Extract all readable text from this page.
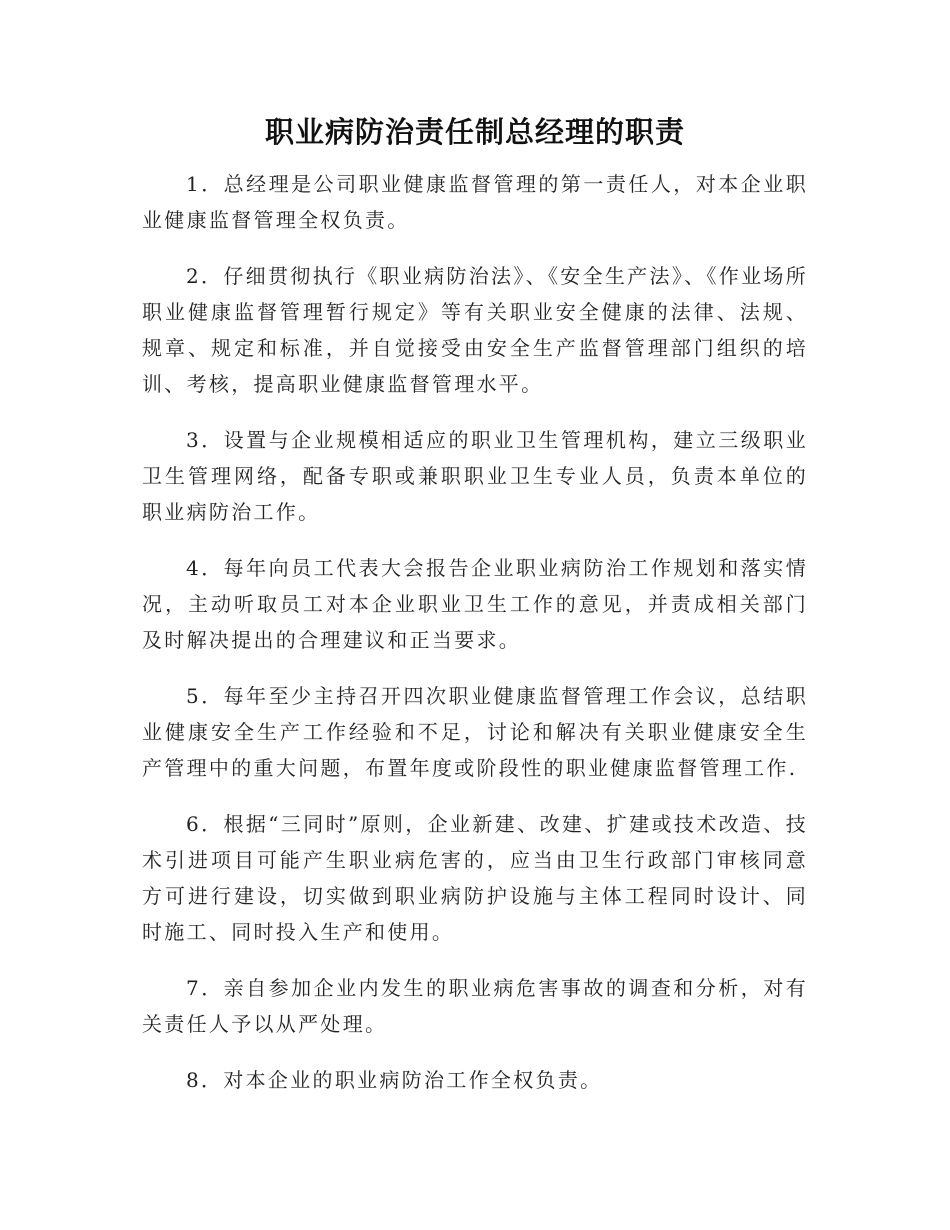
职业病防治责任制总经理的职责

1．总经理是公司职业健康监督管理的第一责任人，对本企业职业健康监督管理全权负责。

2．仔细贯彻执行《职业病防治法》、《安全生产法》、《作业场所职业健康监督管理暂行规定》等有关职业安全健康的法律、法规、规章、规定和标准，并自觉接受由安全生产监督管理部门组织的培训、考核，提高职业健康监督管理水平。

3．设置与企业规模相适应的职业卫生管理机构，建立三级职业卫生管理网络，配备专职或兼职职业卫生专业人员，负责本单位的职业病防治工作。

4．每年向员工代表大会报告企业职业病防治工作规划和落实情况，主动听取员工对本企业职业卫生工作的意见，并责成相关部门及时解决提出的合理建议和正当要求。

5．每年至少主持召开四次职业健康监督管理工作会议，总结职业健康安全生产工作经验和不足，讨论和解决有关职业健康安全生产管理中的重大问题，布置年度或阶段性的职业健康监督管理工作.

6．根据“三同时”原则，企业新建、改建、扩建或技术改造、技术引进项目可能产生职业病危害的，应当由卫生行政部门审核同意方可进行建设，切实做到职业病防护设施与主体工程同时设计、同时施工、同时投入生产和使用。

7．亲自参加企业内发生的职业病危害事故的调查和分析，对有关责任人予以从严处理。

8．对本企业的职业病防治工作全权负责。
